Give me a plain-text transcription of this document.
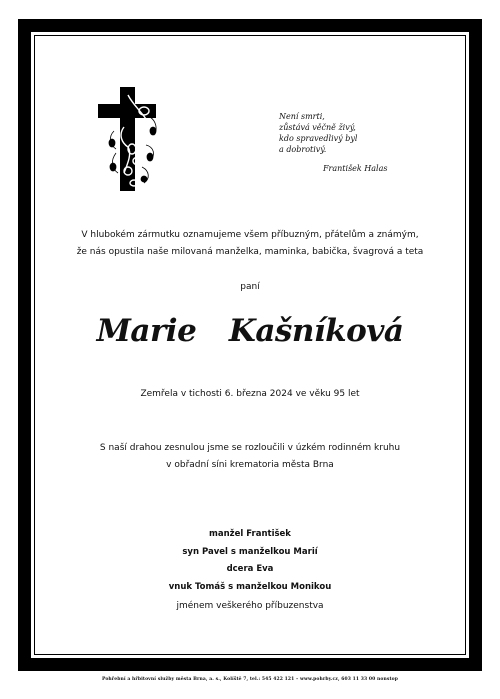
Není smrti,
zůstává věčně živý,
kdo spravedlivý byl
a dobrotivý.
František Halas
V hlubokém zármutku oznamujeme všem příbuzným, přátelům a známým,
že nás opustila naše milovaná manželka, maminka, babička, švagrová a teta
paní
Marie  Kašníková
Zemřela v tichosti 6. března 2024 ve věku 95 let
S naší drahou zesnulou jsme se rozloučili v úzkém rodinném kruhu
v obřadní síni krematoria města Brna
manžel František
syn Pavel s manželkou Marií
dcera Eva
vnuk Tomáš s manželkou Monikou
jménem veškerého příbuzenstva
Pohřební a hřbitovní služby města Brna, a. s., Kolíště 7, tel.: 545 422 121 – www.pohrby.cz, 603 11 33 00 nonstop
